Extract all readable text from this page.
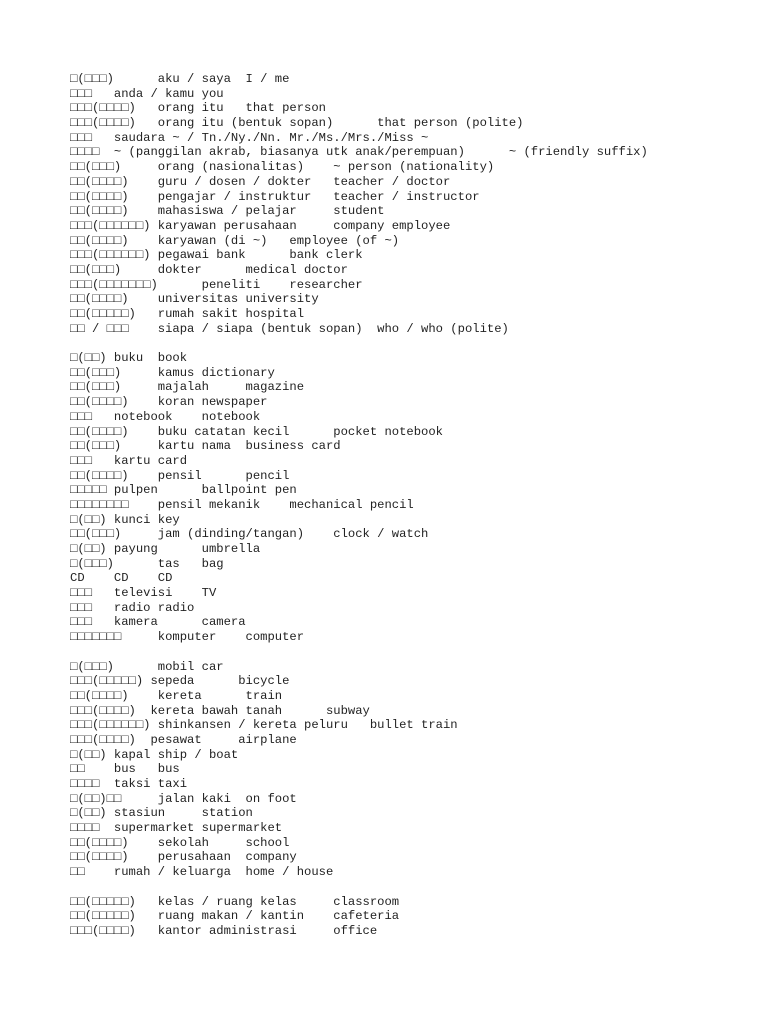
□(□□□)      aku / saya  I / me
□□□   anda / kamu you
□□□(□□□□)   orang itu   that person
□□□(□□□□)   orang itu (bentuk sopan)      that person (polite)
□□□   saudara ~ / Tn./Ny./Nn. Mr./Ms./Mrs./Miss ~
□□□□  ~ (panggilan akrab, biasanya utk anak/perempuan)      ~ (friendly suffix)
□□(□□□)     orang (nasionalitas)    ~ person (nationality)
□□(□□□□)    guru / dosen / dokter   teacher / doctor
□□(□□□□)    pengajar / instruktur   teacher / instructor
□□(□□□□)    mahasiswa / pelajar     student
□□□(□□□□□□) karyawan perusahaan     company employee
□□(□□□□)    karyawan (di ~)   employee (of ~)
□□□(□□□□□□) pegawai bank      bank clerk
□□(□□□)     dokter      medical doctor
□□□(□□□□□□□)      peneliti    researcher
□□(□□□□)    universitas university
□□(□□□□□)   rumah sakit hospital
□□ / □□□    siapa / siapa (bentuk sopan)  who / who (polite)
□(□□) buku  book
□□(□□□)     kamus dictionary
□□(□□□)     majalah     magazine
□□(□□□□)    koran newspaper
□□□   notebook    notebook
□□(□□□□)    buku catatan kecil      pocket notebook
□□(□□□)     kartu nama  business card
□□□   kartu card
□□(□□□□)    pensil      pencil
□□□□□ pulpen      ballpoint pen
□□□□□□□□    pensil mekanik    mechanical pencil
□(□□) kunci key
□□(□□□)     jam (dinding/tangan)    clock / watch
□(□□) payung      umbrella
□(□□□)      tas   bag
CD    CD    CD
□□□   televisi    TV
□□□   radio radio
□□□   kamera      camera
□□□□□□□     komputer    computer
□(□□□)      mobil car
□□□(□□□□□) sepeda      bicycle
□□(□□□□)    kereta      train
□□□(□□□□)  kereta bawah tanah      subway
□□□(□□□□□□) shinkansen / kereta peluru   bullet train
□□□(□□□□)  pesawat     airplane
□(□□) kapal ship / boat
□□    bus   bus
□□□□  taksi taxi
□(□□)□□     jalan kaki  on foot
□(□□) stasiun     station
□□□□  supermarket supermarket
□□(□□□□)    sekolah     school
□□(□□□□)    perusahaan  company
□□    rumah / keluarga  home / house
□□(□□□□□)   kelas / ruang kelas     classroom
□□(□□□□□)   ruang makan / kantin    cafeteria
□□□(□□□□)   kantor administrasi     office
